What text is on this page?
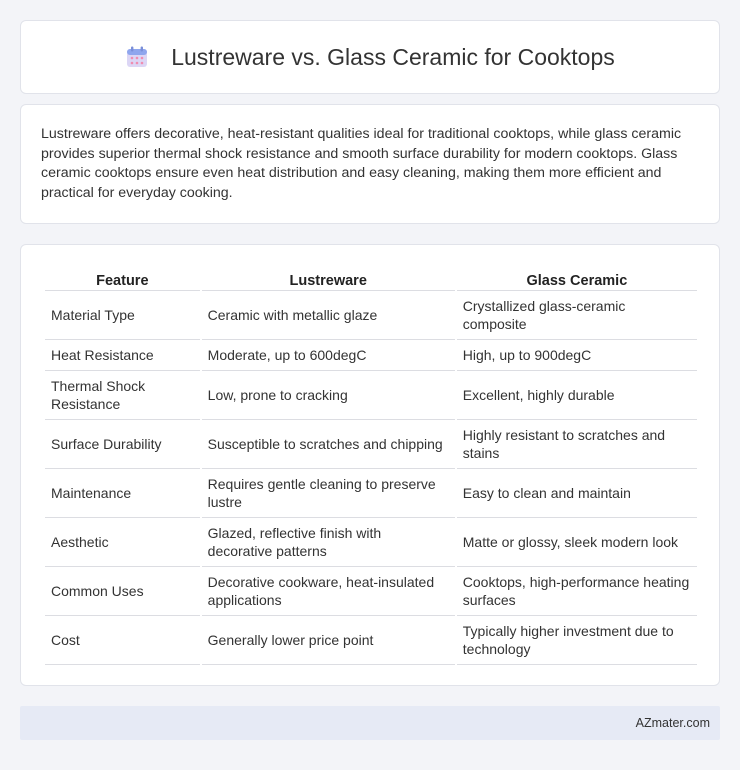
Lustreware vs. Glass Ceramic for Cooktops

Lustreware offers decorative, heat-resistant qualities ideal for traditional cooktops, while glass ceramic provides superior thermal shock resistance and smooth surface durability for modern cooktops. Glass ceramic cooktops ensure even heat distribution and easy cleaning, making them more efficient and practical for everyday cooking.

Feature	Lustreware	Glass Ceramic
Material Type	Ceramic with metallic glaze	Crystallized glass-ceramic composite
Heat Resistance	Moderate, up to 600degC	High, up to 900degC
Thermal Shock Resistance	Low, prone to cracking	Excellent, highly durable
Surface Durability	Susceptible to scratches and chipping	Highly resistant to scratches and stains
Maintenance	Requires gentle cleaning to preserve lustre	Easy to clean and maintain
Aesthetic	Glazed, reflective finish with decorative patterns	Matte or glossy, sleek modern look
Common Uses	Decorative cookware, heat-insulated applications	Cooktops, high-performance heating surfaces
Cost	Generally lower price point	Typically higher investment due to technology
AZmater.com
